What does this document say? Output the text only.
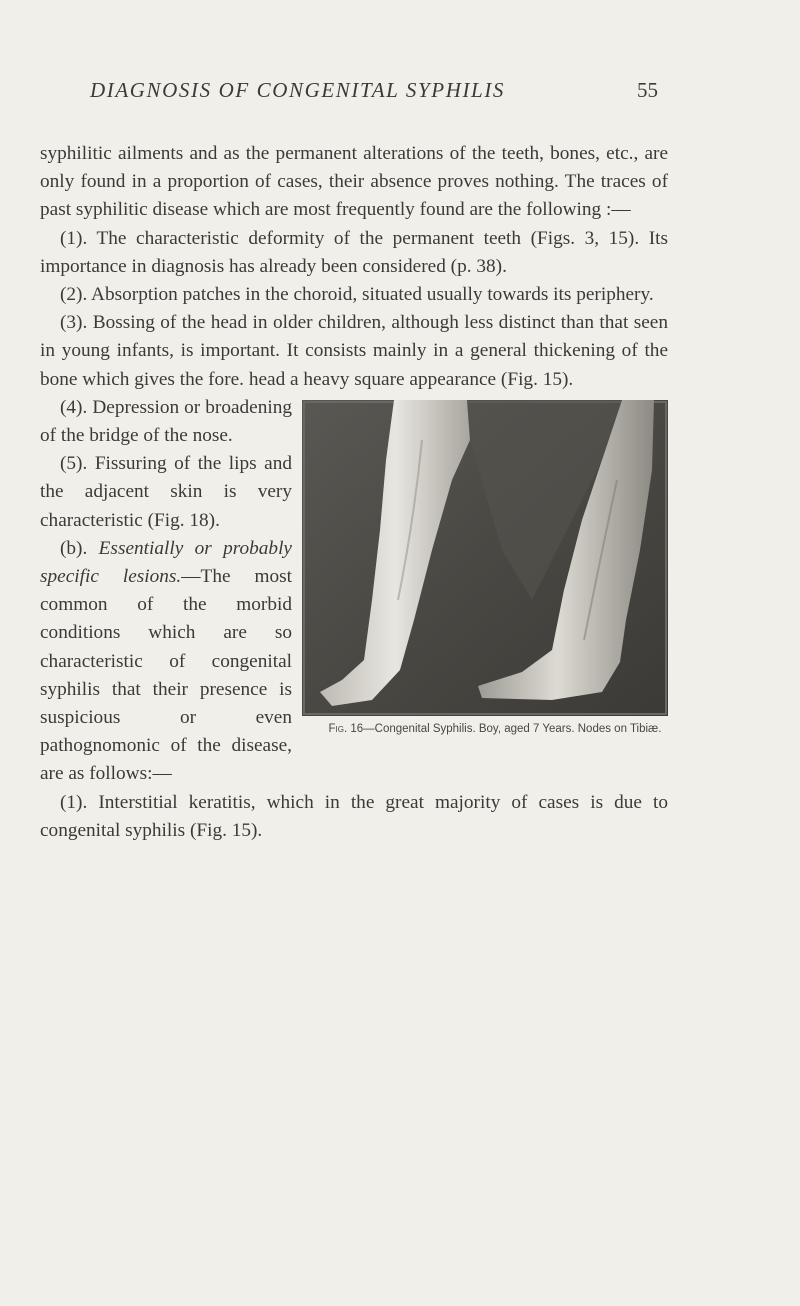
DIAGNOSIS OF CONGENITAL SYPHILIS	55

syphilitic ailments and as the permanent alterations of the teeth, bones, etc., are only found in a proportion of cases, their absence proves nothing. The traces of past syphilitic disease which are most frequently found are the following :—

(1). The characteristic deformity of the permanent teeth (Figs. 3, 15). Its importance in diagnosis has already been considered (p. 38).

(2). Absorption patches in the choroid, situated usually towards its periphery.

(3). Bossing of the head in older children, although less distinct than that seen in young infants, is important. It consists mainly in a general thickening of the bone which gives the fore. head a heavy square appearance (Fig. 15).

Fig. 16—Congenital Syphilis. Boy, aged 7 Years. Nodes on Tibiæ.

(4). Depression or broadening of the bridge of the nose.

(5). Fissuring of the lips and the adjacent skin is very characteristic (Fig. 18).

(b). Essentially or probably specific lesions.—The most common of the morbid conditions which are so characteristic of congenital syphilis that their presence is suspicious or even pathognomonic of the disease, are as follows:—

(1). Interstitial keratitis, which in the great majority of cases is due to congenital syphilis (Fig. 15).
